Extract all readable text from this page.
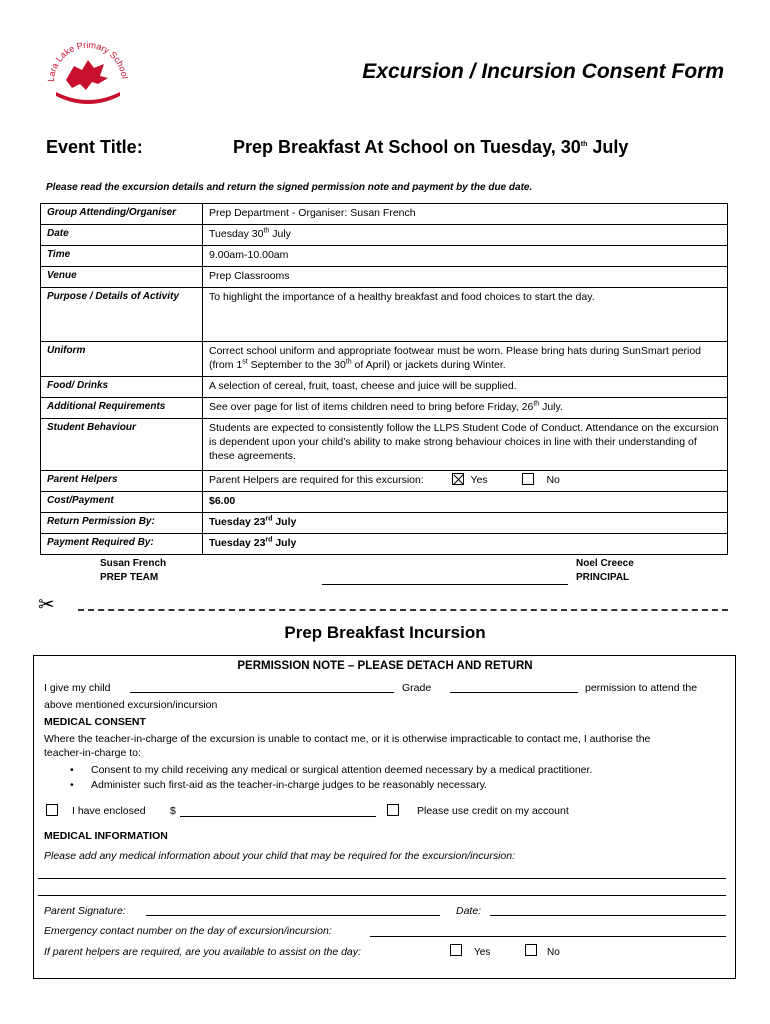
Lara Lake Primary School	Excursion / Incursion Consent Form
Event Title:	Prep Breakfast At School on Tuesday, 30th July
Please read the excursion details and return the signed permission note and payment by the due date.
Group Attending/Organiser	Prep Department - Organiser: Susan French
Date	Tuesday 30th July
Time	9.00am-10.00am
Venue	Prep Classrooms
Purpose / Details of Activity	To highlight the importance of a healthy breakfast and food choices to start the day.
Uniform	Correct school uniform and appropriate footwear must be worn. Please bring hats during SunSmart period (from 1st September to the 30th of April) or jackets during Winter.
Food/ Drinks	A selection of cereal, fruit, toast, cheese and juice will be supplied.
Additional Requirements	See over page for list of items children need to bring before Friday, 26th July.
Student Behaviour	Students are expected to consistently follow the LLPS Student Code of Conduct. Attendance on the excursion is dependent upon your child’s ability to make strong behaviour choices in line with their understanding of these agreements.
Parent Helpers	Parent Helpers are required for this excursion: Yes No
Cost/Payment	$6.00
Return Permission By:	Tuesday 23rd July
Payment Required By:	Tuesday 23rd July
Susan French
PREP TEAM
Noel Creece
PRINCIPAL
✂
Prep Breakfast Incursion
PERMISSION NOTE – PLEASE DETACH AND RETURN
I give my child	Grade	permission to attend the
above mentioned excursion/incursion
MEDICAL CONSENT
Where the teacher-in-charge of the excursion is unable to contact me, or it is otherwise impracticable to contact me, I authorise the teacher-in-charge to:
• Consent to my child receiving any medical or surgical attention deemed necessary by a medical practitioner.
• Administer such first-aid as the teacher-in-charge judges to be reasonably necessary.
I have enclosed $	Please use credit on my account
MEDICAL INFORMATION
Please add any medical information about your child that may be required for the excursion/incursion:
Parent Signature:	Date:
Emergency contact number on the day of excursion/incursion:
If parent helpers are required, are you available to assist on the day:	Yes	No
